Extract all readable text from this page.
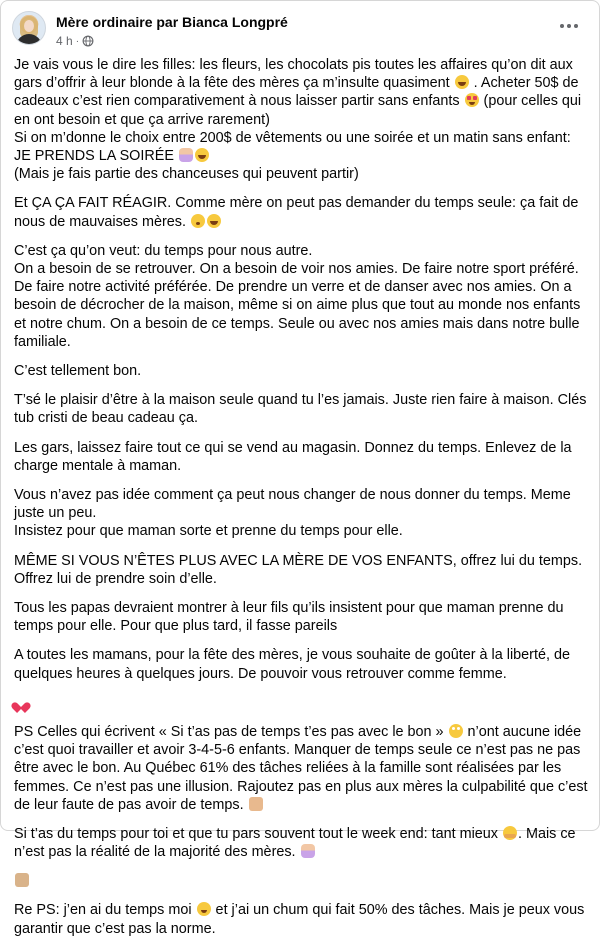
Mère ordinaire par Bianca Longpré
4 h ·

Je vais vous le dire les filles: les fleurs, les chocolats pis toutes les affaires qu’on dit aux gars d’offrir à leur blonde à la fête des mères ça m’insulte quasiment  . Acheter 50$ de cadeaux c’est rien comparativement à nous laisser partir sans enfants  (pour celles qui en ont besoin et que ça arrive rarement)
Si on m’donne le choix entre 200$ de vêtements ou une soirée et un matin sans enfant: JE PRENDS LA SOIRÉE
(Mais je fais partie des chanceuses qui peuvent partir)

Et ÇA ÇA FAIT RÉAGIR. Comme mère on peut pas demander du temps seule: ça fait de nous de mauvaises mères.

C’est ça qu’on veut: du temps pour nous autre.
On a besoin de se retrouver. On a besoin de voir nos amies. De faire notre sport préféré. De faire notre activité préférée. De prendre un verre et de danser avec nos amies. On a besoin de décrocher de la maison, même si on aime plus que tout au monde nos enfants et notre chum. On a besoin de ce temps. Seule ou avec nos amies mais dans notre bulle familiale.

C’est tellement bon.

T’sé le plaisir d’être à la maison seule quand tu l’es jamais. Juste rien faire à maison. Clés tub cristi de beau cadeau ça.

Les gars, laissez faire tout ce qui se vend au magasin. Donnez du temps. Enlevez de la charge mentale à maman.

Vous n’avez pas idée comment ça peut nous changer de nous donner du temps. Meme juste un peu.
Insistez pour que maman sorte et prenne du temps pour elle.

MÊME SI VOUS N’ÊTES PLUS AVEC LA MÈRE DE VOS ENFANTS, offrez lui du temps. Offrez lui de prendre soin d’elle.

Tous les papas devraient montrer à leur fils qu’ils insistent pour que maman prenne du temps pour elle. Pour que plus tard, il fasse pareils

A toutes les mamans, pour la fête des mères, je vous souhaite de goûter à la liberté, de quelques heures à quelques jours. De pouvoir vous retrouver comme femme.

PS Celles qui écrivent « Si t’as pas de temps t’es pas avec le bon »  n’ont aucune idée c’est quoi travailler et avoir 3-4-5-6 enfants. Manquer de temps seule ce n’est pas ne pas être avec le bon. Au Québec 61% des tâches reliées à la famille sont réalisées par les femmes. Ce n’est pas une illusion. Rajoutez pas en plus aux mères la culpabilité que c’est de leur faute de pas avoir de temps.

Si t’as du temps pour toi et que tu pars souvent tout le week end: tant mieux . Mais ce n’est pas la réalité de la majorité des mères.

Re PS: j’en ai du temps moi  et j’ai un chum qui fait 50% des tâches. Mais je peux vous garantir que c’est pas la norme.
